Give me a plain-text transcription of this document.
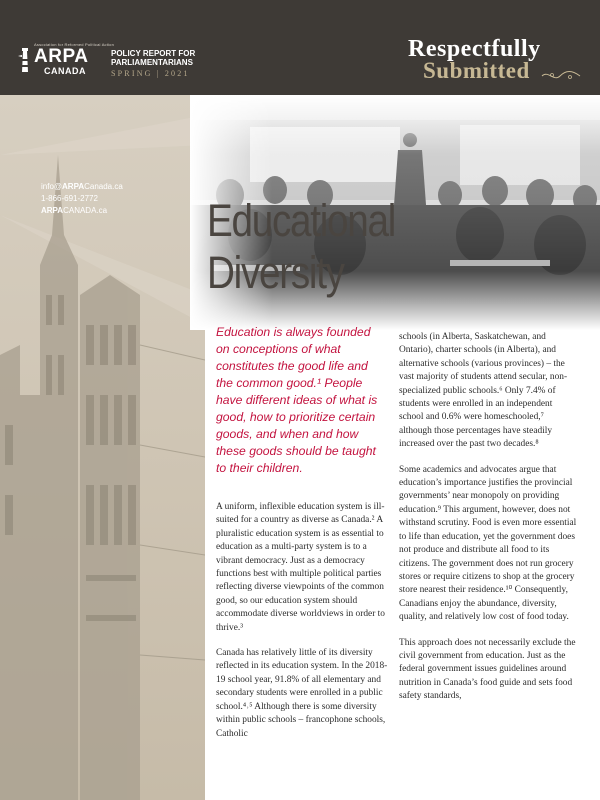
Association for Reformed Political Action
ARPA
CANADA
POLICY REPORT FOR PARLIAMENTARIANS
SPRING | 2021
Respectfully
Submitted
info@ARPACanada.ca
1-866-691-2772
ARPACANADA.ca	Educational
Diversity
Education is always founded on conceptions of what constitutes the good life and the common good.¹ People have different ideas of what is good, how to prioritize certain goods, and when and how these goods should be taught to their children.

A uniform, inflexible education system is ill-suited for a country as diverse as Canada.² A pluralistic education system is as essential to education as a multi-party system is to a vibrant democracy. Just as a democracy functions best with multiple political parties reflecting diverse viewpoints of the common good, so our education system should accommodate diverse worldviews in order to thrive.³

Canada has relatively little of its diversity reflected in its education system. In the 2018-19 school year, 91.8% of all elementary and secondary students were enrolled in a public school.⁴˒⁵ Although there is some diversity within public schools – francophone schools, Catholic

schools (in Alberta, Saskatchewan, and Ontario), charter schools (in Alberta), and alternative schools (various provinces) – the vast majority of students attend secular, non-specialized public schools.⁶ Only 7.4% of students were enrolled in an independent school and 0.6% were homeschooled,⁷ although those percentages have steadily increased over the past two decades.⁸

Some academics and advocates argue that education’s importance justifies the provincial governments’ near monopoly on providing education.⁹ This argument, however, does not withstand scrutiny. Food is even more essential to life than education, yet the government does not produce and distribute all food to its citizens. The government does not run grocery stores or require citizens to shop at the grocery store nearest their residence.¹⁰ Consequently, Canadians enjoy the abundance, diversity, quality, and relatively low cost of food today.

This approach does not necessarily exclude the civil government from education. Just as the federal government issues guidelines around nutrition in Canada’s food guide and sets food safety standards,
